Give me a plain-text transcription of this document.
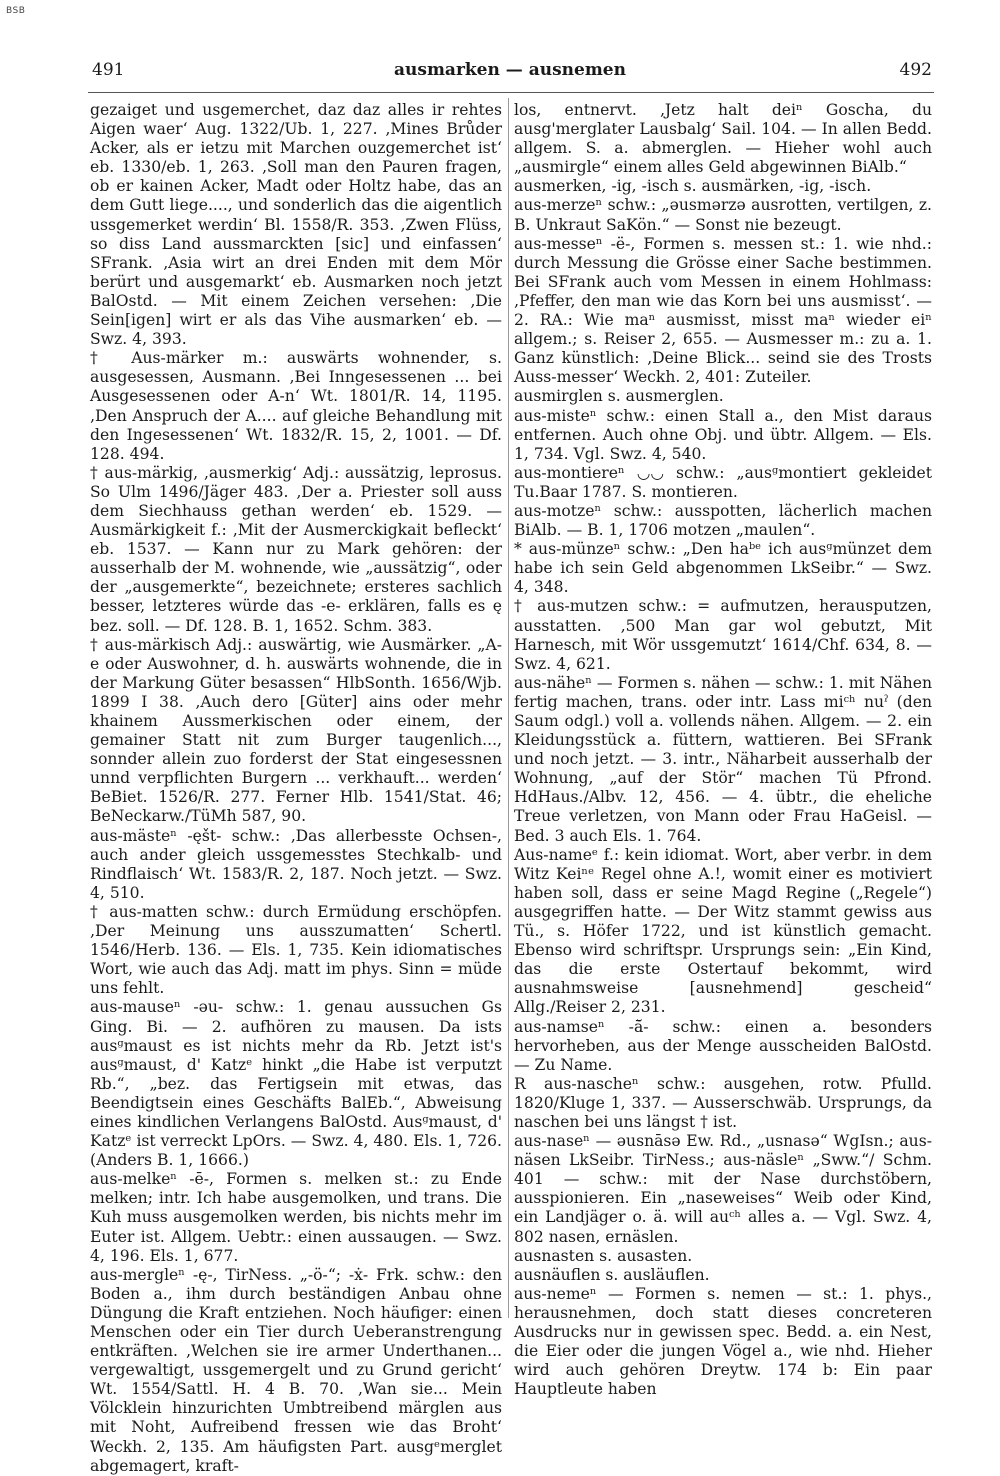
BSB
491	ausmarken — ausnemen	492

gezaiget und usgemerchet, daz daz alles ir rehtes Aigen waer‘ Aug. 1322/Ub. 1, 227. ‚Mines Brůder Acker, als er ietzu mit Marchen ouzgemerchet ist‘ eb. 1330/eb. 1, 263. ‚Soll man den Pauren fragen, ob er kainen Acker, Madt oder Holtz habe, das an dem Gutt liege...., und sonderlich das die aigentlich ussgemerket werdin‘ Bl. 1558/R. 353. ‚Zwen Flüss, so diss Land aussmarckten [sic] und einfassen‘ SFrank. ‚Asia wirt an drei Enden mit dem Mör berürt und ausgemarkt‘ eb. Ausmarken noch jetzt BalOstd. — Mit einem Zeichen versehen: ‚Die Sein[igen] wirt er als das Vihe ausmarken‘ eb. — Swz. 4, 393.

† Aus-märker m.: auswärts wohnender, s. ausgesessen, Ausmann. ‚Bei Inngesessenen ... bei Ausgesessenen oder A-n‘ Wt. 1801/R. 14, 1195. ‚Den Anspruch der A.... auf gleiche Behandlung mit den Ingesessenen‘ Wt. 1832/R. 15, 2, 1001. — Df. 128. 494.

† aus-märkig, ‚ausmerkig‘ Adj.: aussätzig, leprosus. So Ulm 1496/Jäger 483. ‚Der a. Priester soll auss dem Siechhauss gethan werden‘ eb. 1529. — Ausmärkigkeit f.: ‚Mit der Ausmerckigkait befleckt‘ eb. 1537. — Kann nur zu Mark gehören: der ausserhalb der M. wohnende, wie „aussätzig“, oder der „ausgemerkte“, bezeichnete; ersteres sachlich besser, letzteres würde das -e- erklären, falls es ę bez. soll. — Df. 128. B. 1, 1652. Schm. 383.

† aus-märkisch Adj.: auswärtig, wie Ausmärker. „A-e oder Auswohner, d. h. auswärts wohnende, die in der Markung Güter besassen“ HlbSonth. 1656/Wjb. 1899 I 38. ‚Auch dero [Güter] ains oder mehr khainem Aussmerkischen oder einem, der gemainer Statt nit zum Burger taugenlich..., sonnder allein zuo forderst der Stat eingesessnen unnd verpflichten Burgern ... verkhauft... werden‘ BeBiet. 1526/R. 277. Ferner Hlb. 1541/Stat. 46; BeNeckarw./TüMh 587, 90.

aus-mästeⁿ -ęšt- schw.: ‚Das allerbesste Ochsen-, auch ander gleich ussgemesstes Stechkalb- und Rindflaisch‘ Wt. 1583/R. 2, 187. Noch jetzt. — Swz. 4, 510.

† aus-matten schw.: durch Ermüdung erschöpfen. ‚Der Meinung uns ausszumatten‘ Schertl. 1546/Herb. 136. — Els. 1, 735. Kein idiomatisches Wort, wie auch das Adj. matt im phys. Sinn = müde uns fehlt.

aus-mauseⁿ -əu- schw.: 1. genau aussuchen Gs Ging. Bi. — 2. aufhören zu mausen. Da ists ausᵍmaust es ist nichts mehr da Rb. Jetzt ist's ausᵍmaust, d' Katzᵉ hinkt „die Habe ist verputzt Rb.“, „bez. das Fertigsein mit etwas, das Beendigtsein eines Geschäfts BalEb.“, Abweisung eines kindlichen Verlangens BalOstd. Ausᵍmaust, d' Katzᵉ ist verreckt LpOrs. — Swz. 4, 480. Els. 1, 726. (Anders B. 1, 1666.)

aus-melkeⁿ -ē-, Formen s. melken st.: zu Ende melken; intr. Ich habe ausgemolken, und trans. Die Kuh muss ausgemolken werden, bis nichts mehr im Euter ist. Allgem. Uebtr.: einen aussaugen. — Swz. 4, 196. Els. 1, 677.

aus-mergleⁿ -ę-, TirNess. „-ö-“; -ẋ- Frk. schw.: den Boden a., ihm durch beständigen Anbau ohne Düngung die Kraft entziehen. Noch häufiger: einen Menschen oder ein Tier durch Ueberanstrengung entkräften. ‚Welchen sie ire armer Underthanen... vergewaltigt, ussgemergelt und zu Grund gericht‘ Wt. 1554/Sattl. H. 4 B. 70. ‚Wan sie... Mein Völcklein hinzurichten Umbtreibend märglen aus mit Noht, Aufreibend fressen wie das Broht‘ Weckh. 2, 135. Am häufigsten Part. ausgᵉmerglet abgemagert, kraft-

los, entnervt. ‚Jetz halt deiⁿ Goscha, du ausg'merglater Lausbalg‘ Sail. 104. — In allen Bedd. allgem. S. a. abmerglen. — Hieher wohl auch „ausmirgle“ einem alles Geld abgewinnen BiAlb.“

ausmerken, -ig, -isch s. ausmärken, -ig, -isch.

aus-merzeⁿ schw.: „əusmərzə ausrotten, vertilgen, z. B. Unkraut SaKön.“ — Sonst nie bezeugt.

aus-messeⁿ -ë-, Formen s. messen st.: 1. wie nhd.: durch Messung die Grösse einer Sache bestimmen. Bei SFrank auch vom Messen in einem Hohlmass: ‚Pfeffer, den man wie das Korn bei uns ausmisst‘. — 2. RA.: Wie maⁿ ausmisst, misst maⁿ wieder eiⁿ allgem.; s. Reiser 2, 655. — Ausmesser m.: zu a. 1. Ganz künstlich: ‚Deine Blick... seind sie des Trosts Auss-messer‘ Weckh. 2, 401: Zuteiler.

ausmirglen s. ausmerglen.

aus-misteⁿ schw.: einen Stall a., den Mist daraus entfernen. Auch ohne Obj. und übtr. Allgem. — Els. 1, 734. Vgl. Swz. 4, 540.

aus-montiereⁿ ◡◡ schw.: „ausᵍmontiert gekleidet Tu.Baar 1787. S. montieren.

aus-motzeⁿ schw.: ausspotten, lächerlich machen BiAlb. — B. 1, 1706 motzen „maulen“.

* aus-münzeⁿ schw.: „Den haᵇᵉ ich ausᵍmünzet dem habe ich sein Geld abgenommen LkSeibr.“ — Swz. 4, 348.

† aus-mutzen schw.: = aufmutzen, herausputzen, ausstatten. ‚500 Man gar wol gebutzt, Mit Harnesch, mit Wör ussgemutzt‘ 1614/Chf. 634, 8. — Swz. 4, 621.

aus-näheⁿ — Formen s. nähen — schw.: 1. mit Nähen fertig machen, trans. oder intr. Lass miᶜʰ nuˀ (den Saum odgl.) voll a. vollends nähen. Allgem. — 2. ein Kleidungsstück a. füttern, wattieren. Bei SFrank und noch jetzt. — 3. intr., Näharbeit ausserhalb der Wohnung, „auf der Stör“ machen Tü Pfrond. HdHaus./Albv. 12, 456. — 4. übtr., die eheliche Treue verletzen, von Mann oder Frau HaGeisl. — Bed. 3 auch Els. 1. 764.

Aus-nameᵉ f.: kein idiomat. Wort, aber verbr. in dem Witz Keiⁿᵉ Regel ohne A.!, womit einer es motiviert haben soll, dass er seine Magd Regine („Regele“) ausgegriffen hatte. — Der Witz stammt gewiss aus Tü., s. Höfer 1722, und ist künstlich gemacht. Ebenso wird schriftspr. Ursprungs sein: „Ein Kind, das die erste Ostertauf bekommt, wird ausnahmsweise [ausnehmend] gescheid“ Allg./Reiser 2, 231.

aus-namseⁿ -ā̆- schw.: einen a. besonders hervorheben, aus der Menge ausscheiden BalOstd. — Zu Name.

R aus-nascheⁿ schw.: ausgehen, rotw. Pfulld. 1820/Kluge 1, 337. — Ausserschwäb. Ursprungs, da naschen bei uns längst † ist.

aus-naseⁿ — əusnāsə Ew. Rd., „usnasə“ WgIsn.; aus-näsen LkSeibr. TirNess.; aus-näsleⁿ „Sww.“/ Schm. 401 — schw.: mit der Nase durchstöbern, ausspionieren. Ein „naseweises“ Weib oder Kind, ein Landjäger o. ä. will auᶜʰ alles a. — Vgl. Swz. 4, 802 nasen, ernäslen.

ausnasten s. ausasten.

ausnäuflen s. ausläuflen.

aus-nemeⁿ — Formen s. nemen — st.: 1. phys., herausnehmen, doch statt dieses concreteren Ausdrucks nur in gewissen spec. Bedd. a. ein Nest, die Eier oder die jungen Vögel a., wie nhd. Hieher wird auch gehören Dreytw. 174 b: Ein paar Hauptleute haben
